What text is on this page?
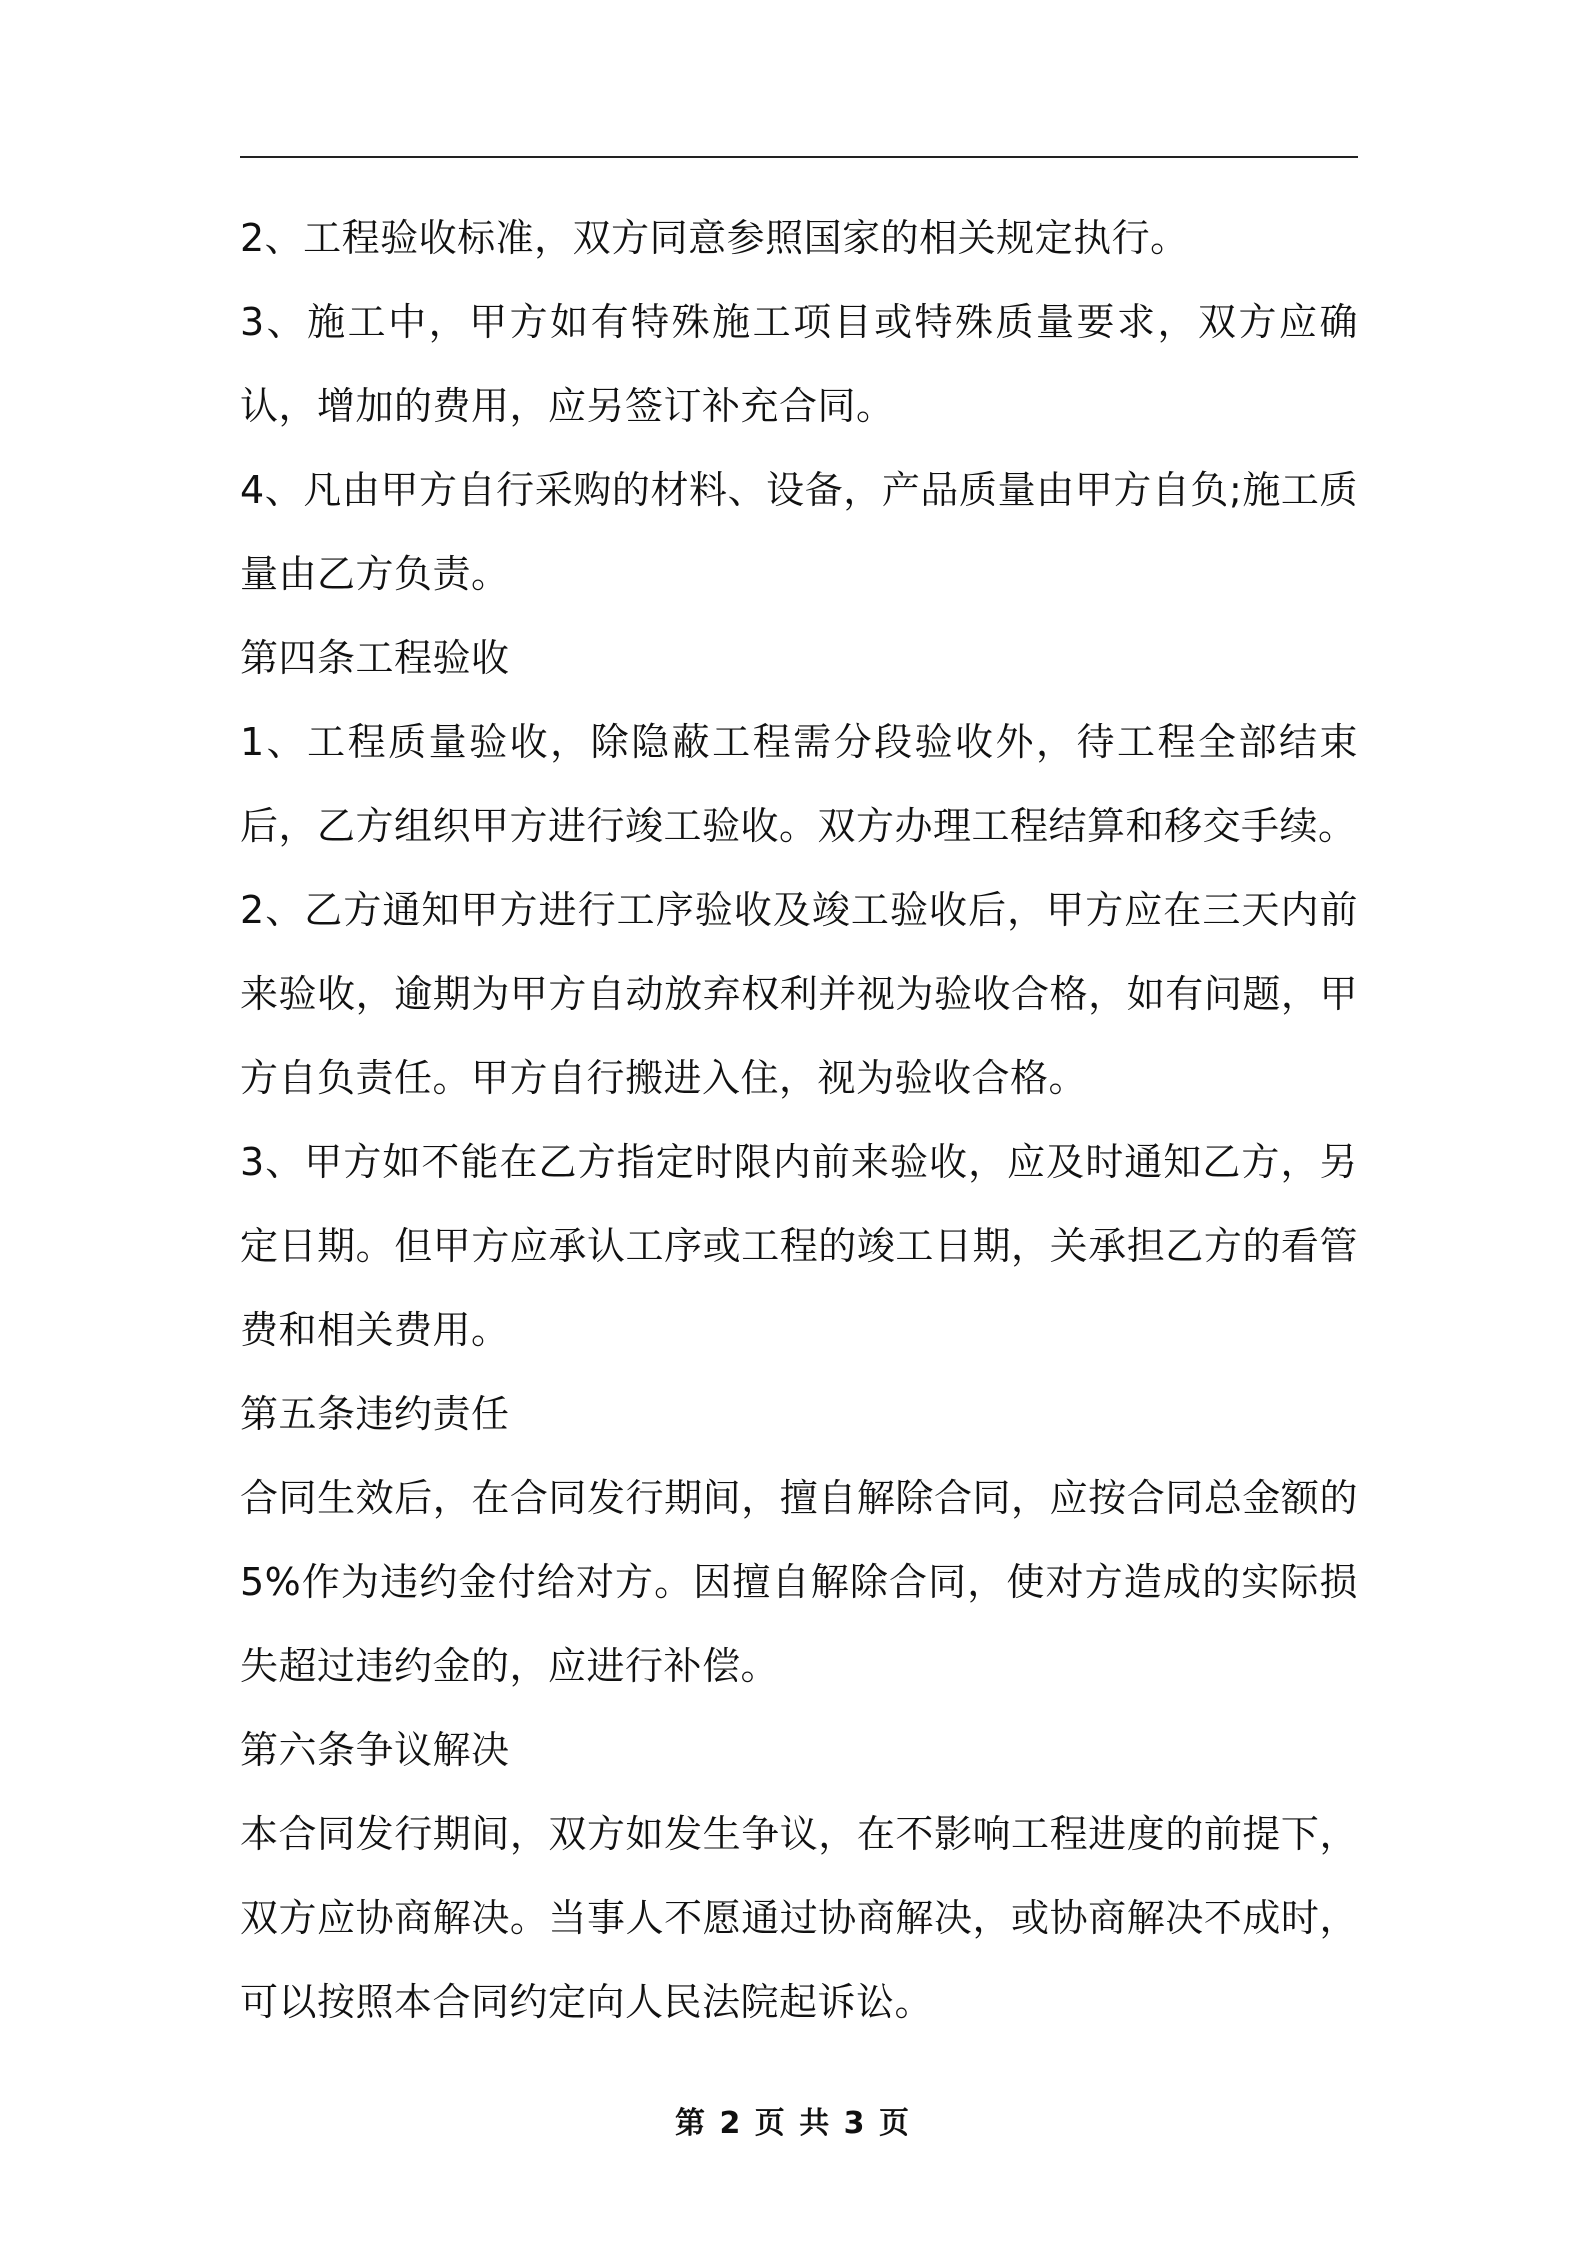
2、工程验收标准，双方同意参照国家的相关规定执行。

3、施工中，甲方如有特殊施工项目或特殊质量要求，双方应确认，增加的费用，应另签订补充合同。

4、凡由甲方自行采购的材料、设备，产品质量由甲方自负;施工质量由乙方负责。

第四条工程验收

1、工程质量验收，除隐蔽工程需分段验收外，待工程全部结束后，乙方组织甲方进行竣工验收。双方办理工程结算和移交手续。

2、乙方通知甲方进行工序验收及竣工验收后，甲方应在三天内前来验收，逾期为甲方自动放弃权利并视为验收合格，如有问题，甲方自负责任。甲方自行搬进入住，视为验收合格。

3、甲方如不能在乙方指定时限内前来验收，应及时通知乙方，另定日期。但甲方应承认工序或工程的竣工日期，关承担乙方的看管费和相关费用。

第五条违约责任

合同生效后，在合同发行期间，擅自解除合同，应按合同总金额的5%作为违约金付给对方。因擅自解除合同，使对方造成的实际损失超过违约金的，应进行补偿。

第六条争议解决

本合同发行期间，双方如发生争议，在不影响工程进度的前提下，双方应协商解决。当事人不愿通过协商解决，或协商解决不成时，可以按照本合同约定向人民法院起诉讼。

第 2 页 共 3 页
